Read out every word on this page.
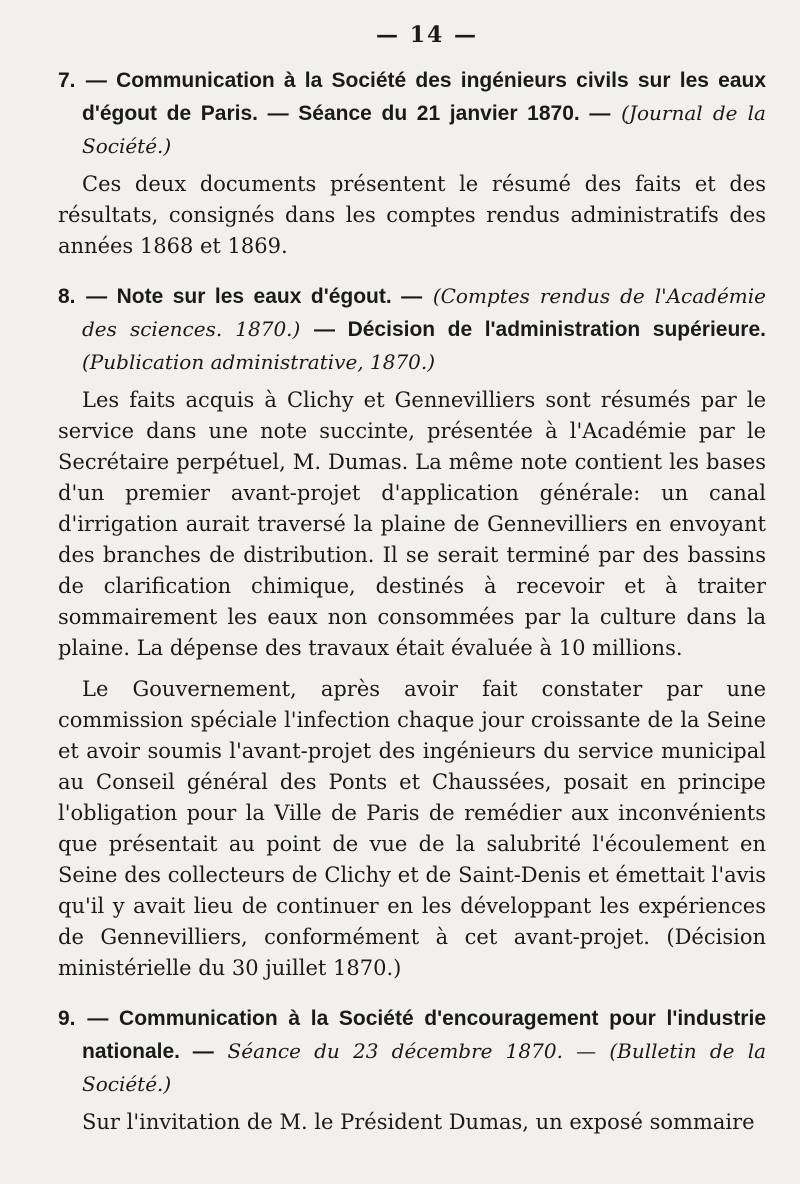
— 14 —

7. — Communication à la Société des ingénieurs civils sur les eaux d'égout de Paris. — Séance du 21 janvier 1870. — (Journal de la Société.)

Ces deux documents présentent le résumé des faits et des résultats, consignés dans les comptes rendus administratifs des années 1868 et 1869.

8. — Note sur les eaux d'égout. — (Comptes rendus de l'Académie des sciences. 1870.) — Décision de l'administration supérieure. (Publication administrative, 1870.)

Les faits acquis à Clichy et Gennevilliers sont résumés par le service dans une note succinte, présentée à l'Académie par le Secrétaire perpétuel, M. Dumas. La même note contient les bases d'un premier avant-projet d'application générale: un canal d'irrigation aurait traversé la plaine de Gennevilliers en envoyant des branches de distribution. Il se serait terminé par des bassins de clarification chimique, destinés à recevoir et à traiter sommairement les eaux non consommées par la culture dans la plaine. La dépense des travaux était évaluée à 10 millions.

Le Gouvernement, après avoir fait constater par une commission spéciale l'infection chaque jour croissante de la Seine et avoir soumis l'avant-projet des ingénieurs du service municipal au Conseil général des Ponts et Chaussées, posait en principe l'obligation pour la Ville de Paris de remédier aux inconvénients que présentait au point de vue de la salubrité l'écoulement en Seine des collecteurs de Clichy et de Saint-Denis et émettait l'avis qu'il y avait lieu de continuer en les développant les expériences de Gennevilliers, conformément à cet avant-projet. (Décision ministérielle du 30 juillet 1870.)

9. — Communication à la Société d'encouragement pour l'industrie nationale. — Séance du 23 décembre 1870. — (Bulletin de la Société.)

Sur l'invitation de M. le Président Dumas, un exposé sommaire
